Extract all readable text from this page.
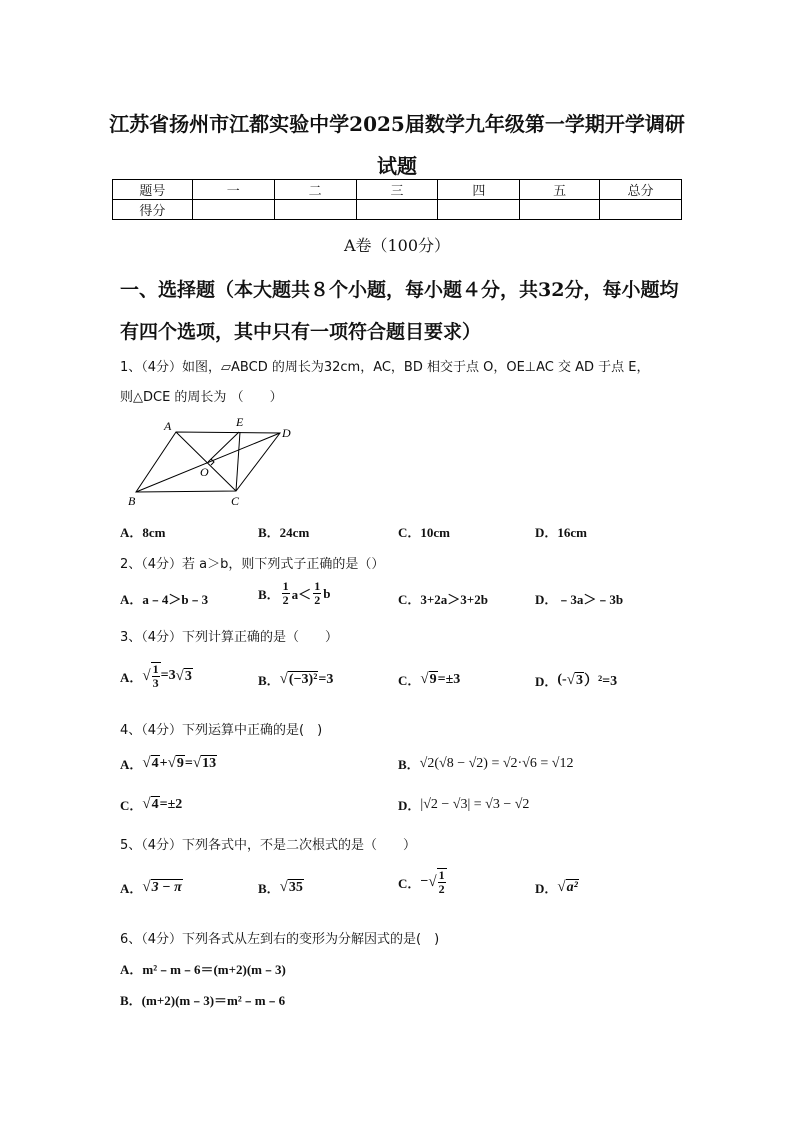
江苏省扬州市江都实验中学2025届数学九年级第一学期开学调研
试题
题号	一	二	三	四	五	总分
得分						
A卷（100分）
一、选择题（本大题共８个小题，每小题４分，共32分，每小题均
有四个选项，其中只有一项符合题目要求）
1、（4分）如图，▱ABCD 的周长为32cm，AC，BD 相交于点 O，OE⊥AC 交 AD 于点 E，
则△DCE 的周长为 （　　）
A	E
D
O
B	C
A．8cm	B．24cm	C．10cm	D．16cm
2、（4分）若 a＞b，则下列式子正确的是（）
A．a﹣4＞b﹣3	B． $\frac{1}{2} a< \frac{1}{2}$ b	C．3+2a＞3+2b	D．﹣3a＞﹣3b
3、（4分）下列计算正确的是（　　）
A． √ $\frac{1}{3} =3$ √ 3	B． √ (−3)² =3	C． √ 9 =±3	D． (- √ 3 ）²=3
4、（4分）下列运算中正确的是(　)
A． √ 4 + √ 9 = √ 13	B． √2(√8 − √2) = √2·√6 = √12
C． √ 4 =±2	D． |√2 − √3| = √3 − √2
5、（4分）下列各式中，不是二次根式的是（　　）
A． √ 3 − π	B． √ 35	C． − √ $\frac{1}{2}$	D． √ a²
6、（4分）下列各式从左到右的变形为分解因式的是(　)
A．m²﹣m﹣6＝(m+2)(m﹣3)
B．(m+2)(m﹣3)＝m²﹣m﹣6
